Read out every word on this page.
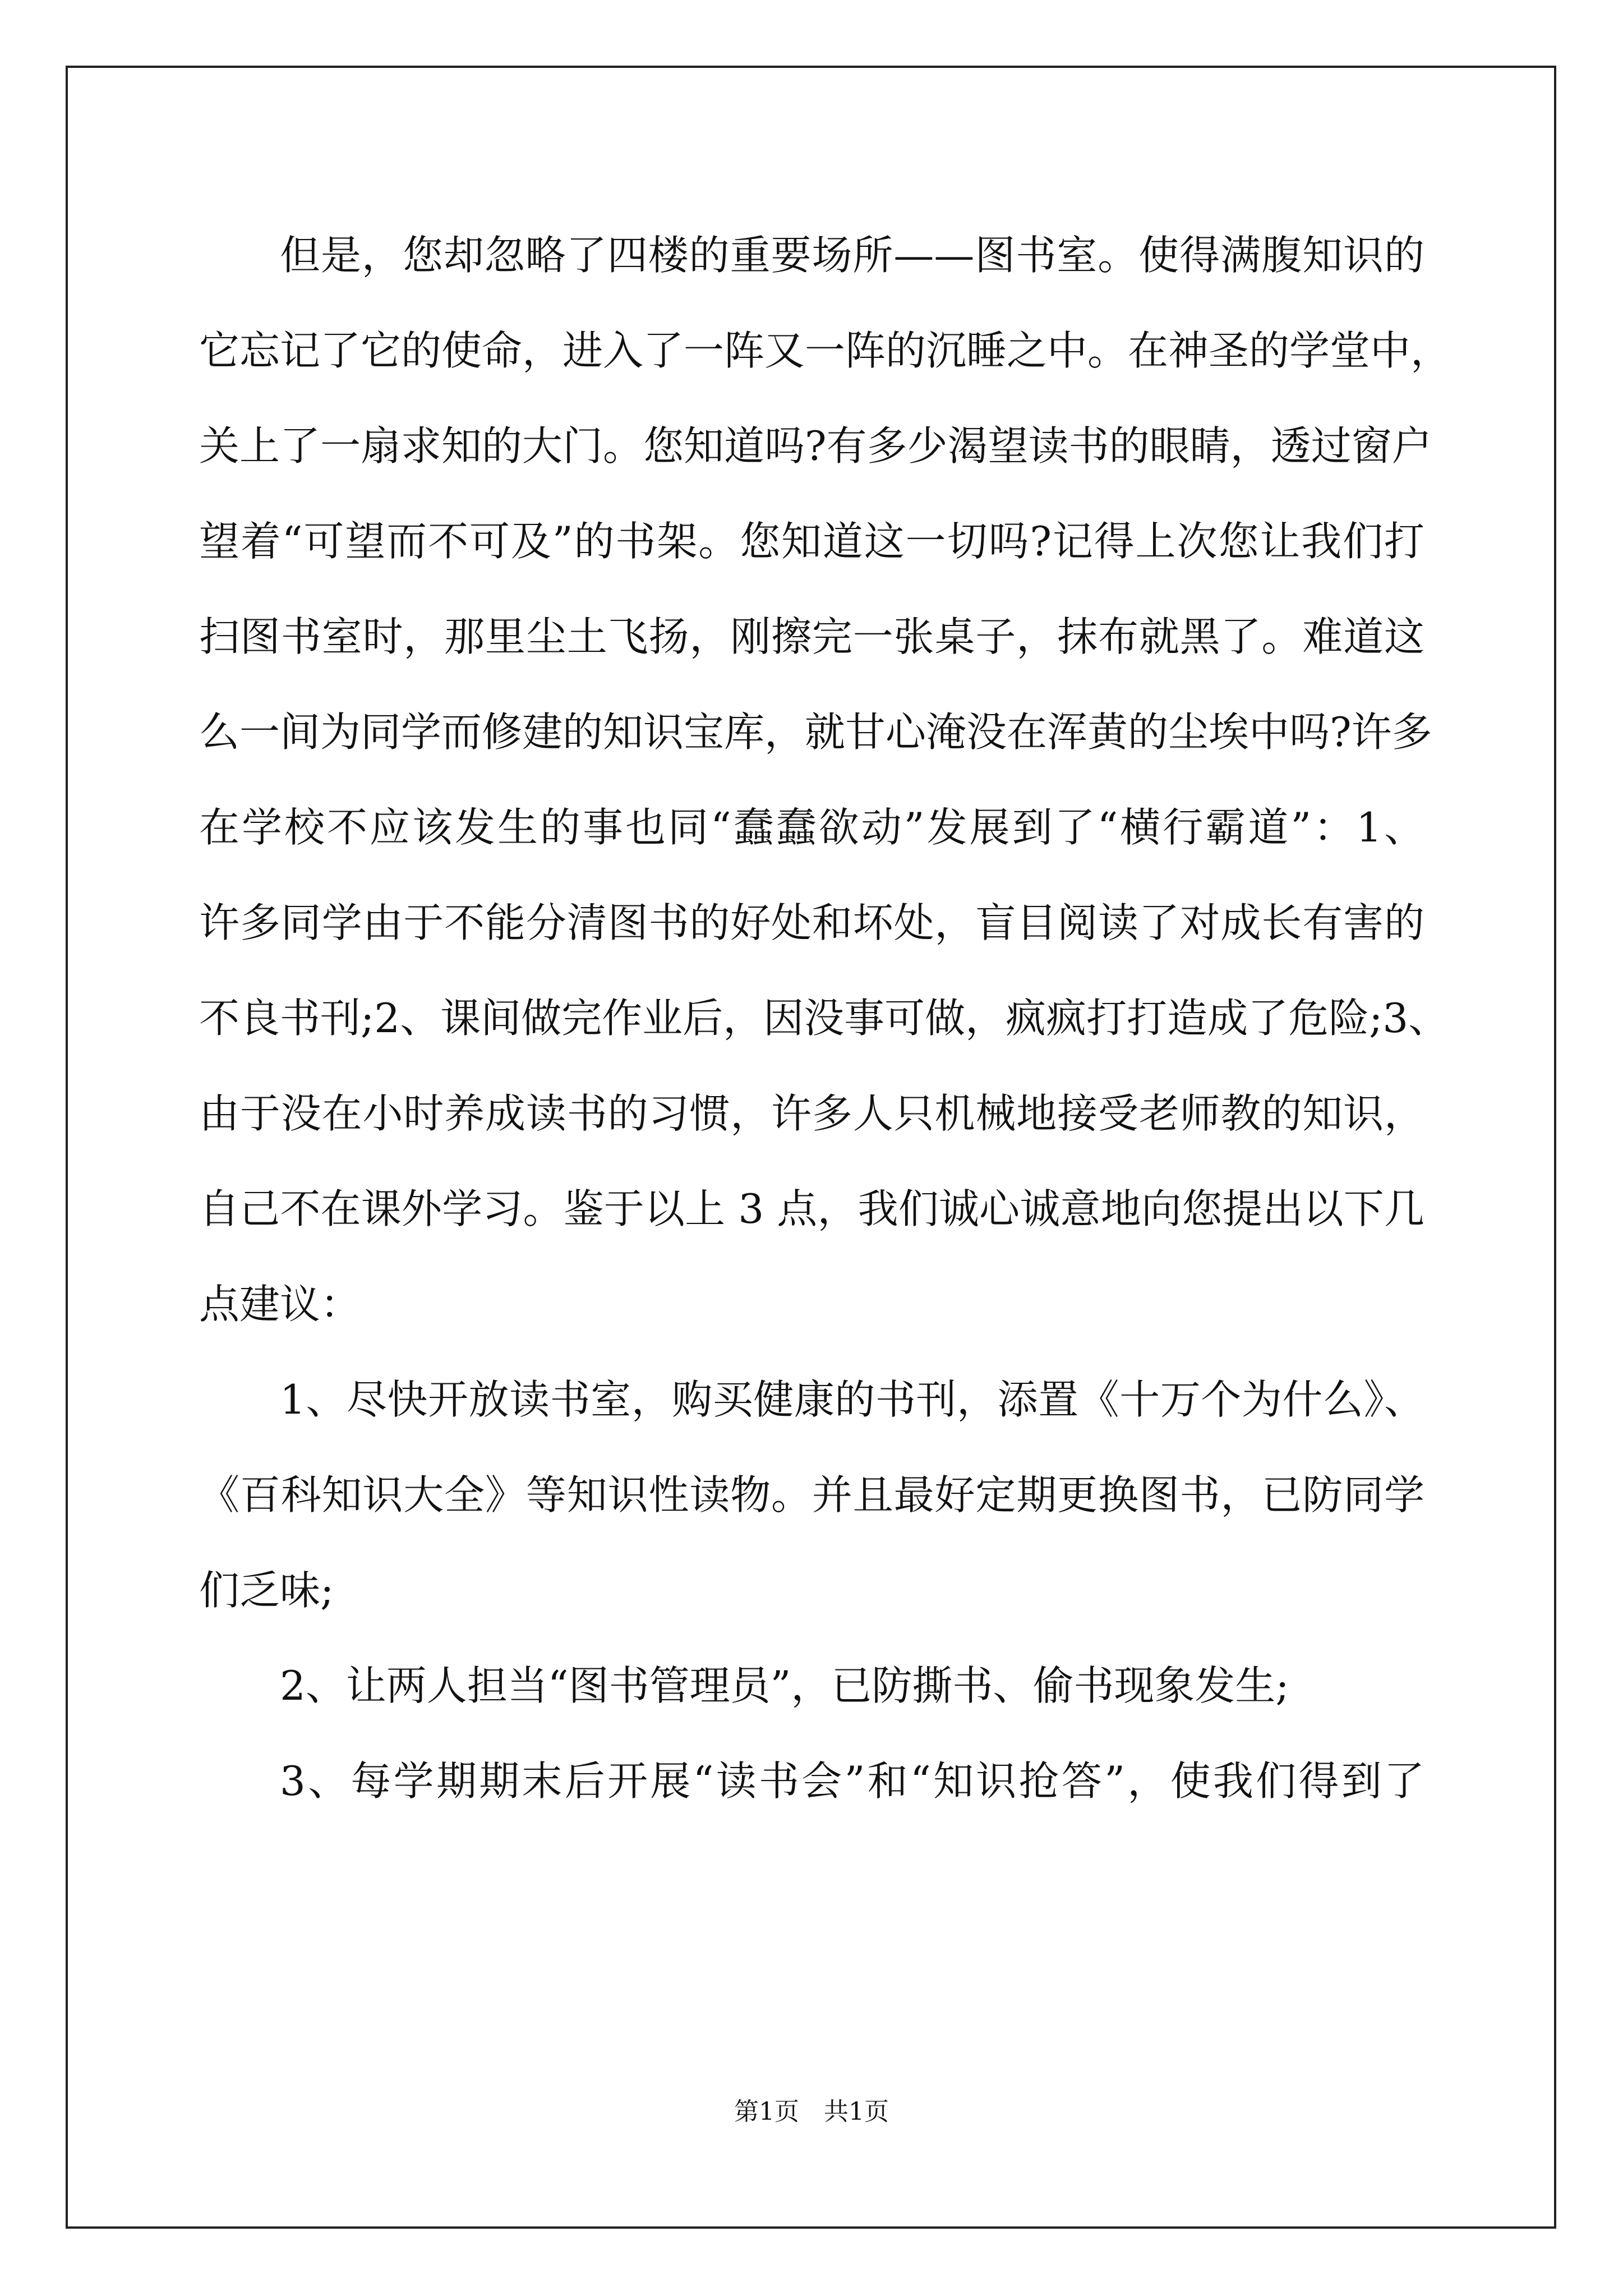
但是，您却忽略了四楼的重要场所——图书室。使得满腹知识的
它忘记了它的使命，进入了一阵又一阵的沉睡之中。在神圣的学堂中，
关上了一扇求知的大门。您知道吗?有多少渴望读书的眼睛，透过窗户
望着“可望而不可及”的书架。您知道这一切吗?记得上次您让我们打
扫图书室时，那里尘土飞扬，刚擦完一张桌子，抹布就黑了。难道这
么一间为同学而修建的知识宝库，就甘心淹没在浑黄的尘埃中吗?许多
在学校不应该发生的事也同“蠢蠢欲动”发展到了“横行霸道”：1、
许多同学由于不能分清图书的好处和坏处，盲目阅读了对成长有害的
不良书刊;2、课间做完作业后，因没事可做，疯疯打打造成了危险;3、
由于没在小时养成读书的习惯，许多人只机械地接受老师教的知识，
自己不在课外学习。鉴于以上 3 点，我们诚心诚意地向您提出以下几
点建议：
1、尽快开放读书室，购买健康的书刊，添置《十万个为什么》、
《百科知识大全》等知识性读物。并且最好定期更换图书，已防同学
们乏味;
2、让两人担当“图书管理员”，已防撕书、偷书现象发生;
3、每学期期末后开展“读书会”和“知识抢答”，使我们得到了
第1页　共1页
